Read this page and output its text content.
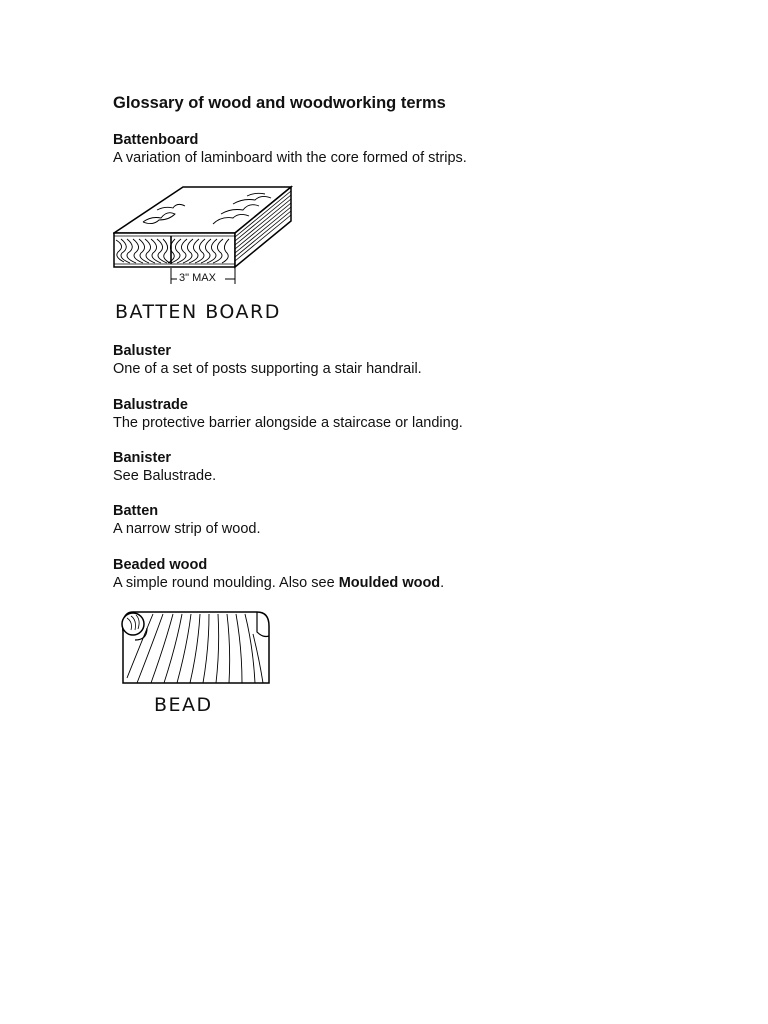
Glossary of wood and woodworking terms
Battenboard
A variation of laminboard with the core formed of strips.
3" MAX
BATTEN BOARD
Baluster
One of a set of posts supporting a stair handrail.
Balustrade
The protective barrier alongside a staircase or landing.
Banister
See Balustrade.
Batten
A narrow strip of wood.
Beaded wood
A simple round moulding. Also see Moulded wood.
BEAD
